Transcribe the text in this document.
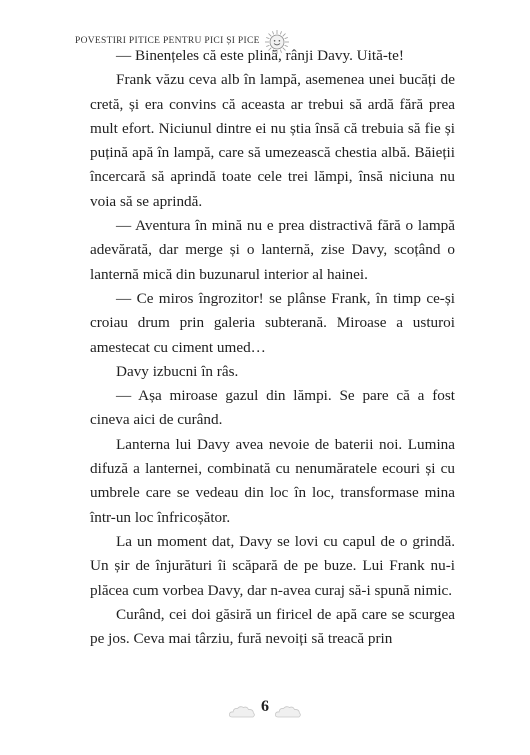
POVESTIRI PITICE PENTRU PICI ȘI PICE

— Binențeles că este plină, rânji Davy. Uită-te!

Frank văzu ceva alb în lampă, asemenea unei bucăți de cretă, și era convins că aceasta ar trebui să ardă fără prea mult efort. Niciunul dintre ei nu știa însă că trebuia să fie și puțină apă în lampă, care să umezească chestia albă. Băieții încercară să aprindă toate cele trei lămpi, însă niciuna nu voia să se aprindă.

— Aventura în mină nu e prea distractivă fără o lampă adevărată, dar merge și o lanternă, zise Davy, scoțând o lanternă mică din buzunarul interior al hainei.

— Ce miros îngrozitor! se plânse Frank, în timp ce-și croiau drum prin galeria subterană. Miroase a usturoi amestecat cu ciment umed…

Davy izbucni în râs.

— Așa miroase gazul din lămpi. Se pare că a fost cineva aici de curând.

Lanterna lui Davy avea nevoie de baterii noi. Lumina difuză a lanternei, combinată cu nenumăratele ecouri și cu umbrele care se vedeau din loc în loc, transformase mina într-un loc înfricoșător.

La un moment dat, Davy se lovi cu capul de o grindă. Un șir de înjurături îi scăpară de pe buze. Lui Frank nu-i plăcea cum vorbea Davy, dar n-avea curaj să-i spună nimic.

Curând, cei doi găsiră un firicel de apă care se scurgea pe jos. Ceva mai târziu, fură nevoiți să treacă prin

6
